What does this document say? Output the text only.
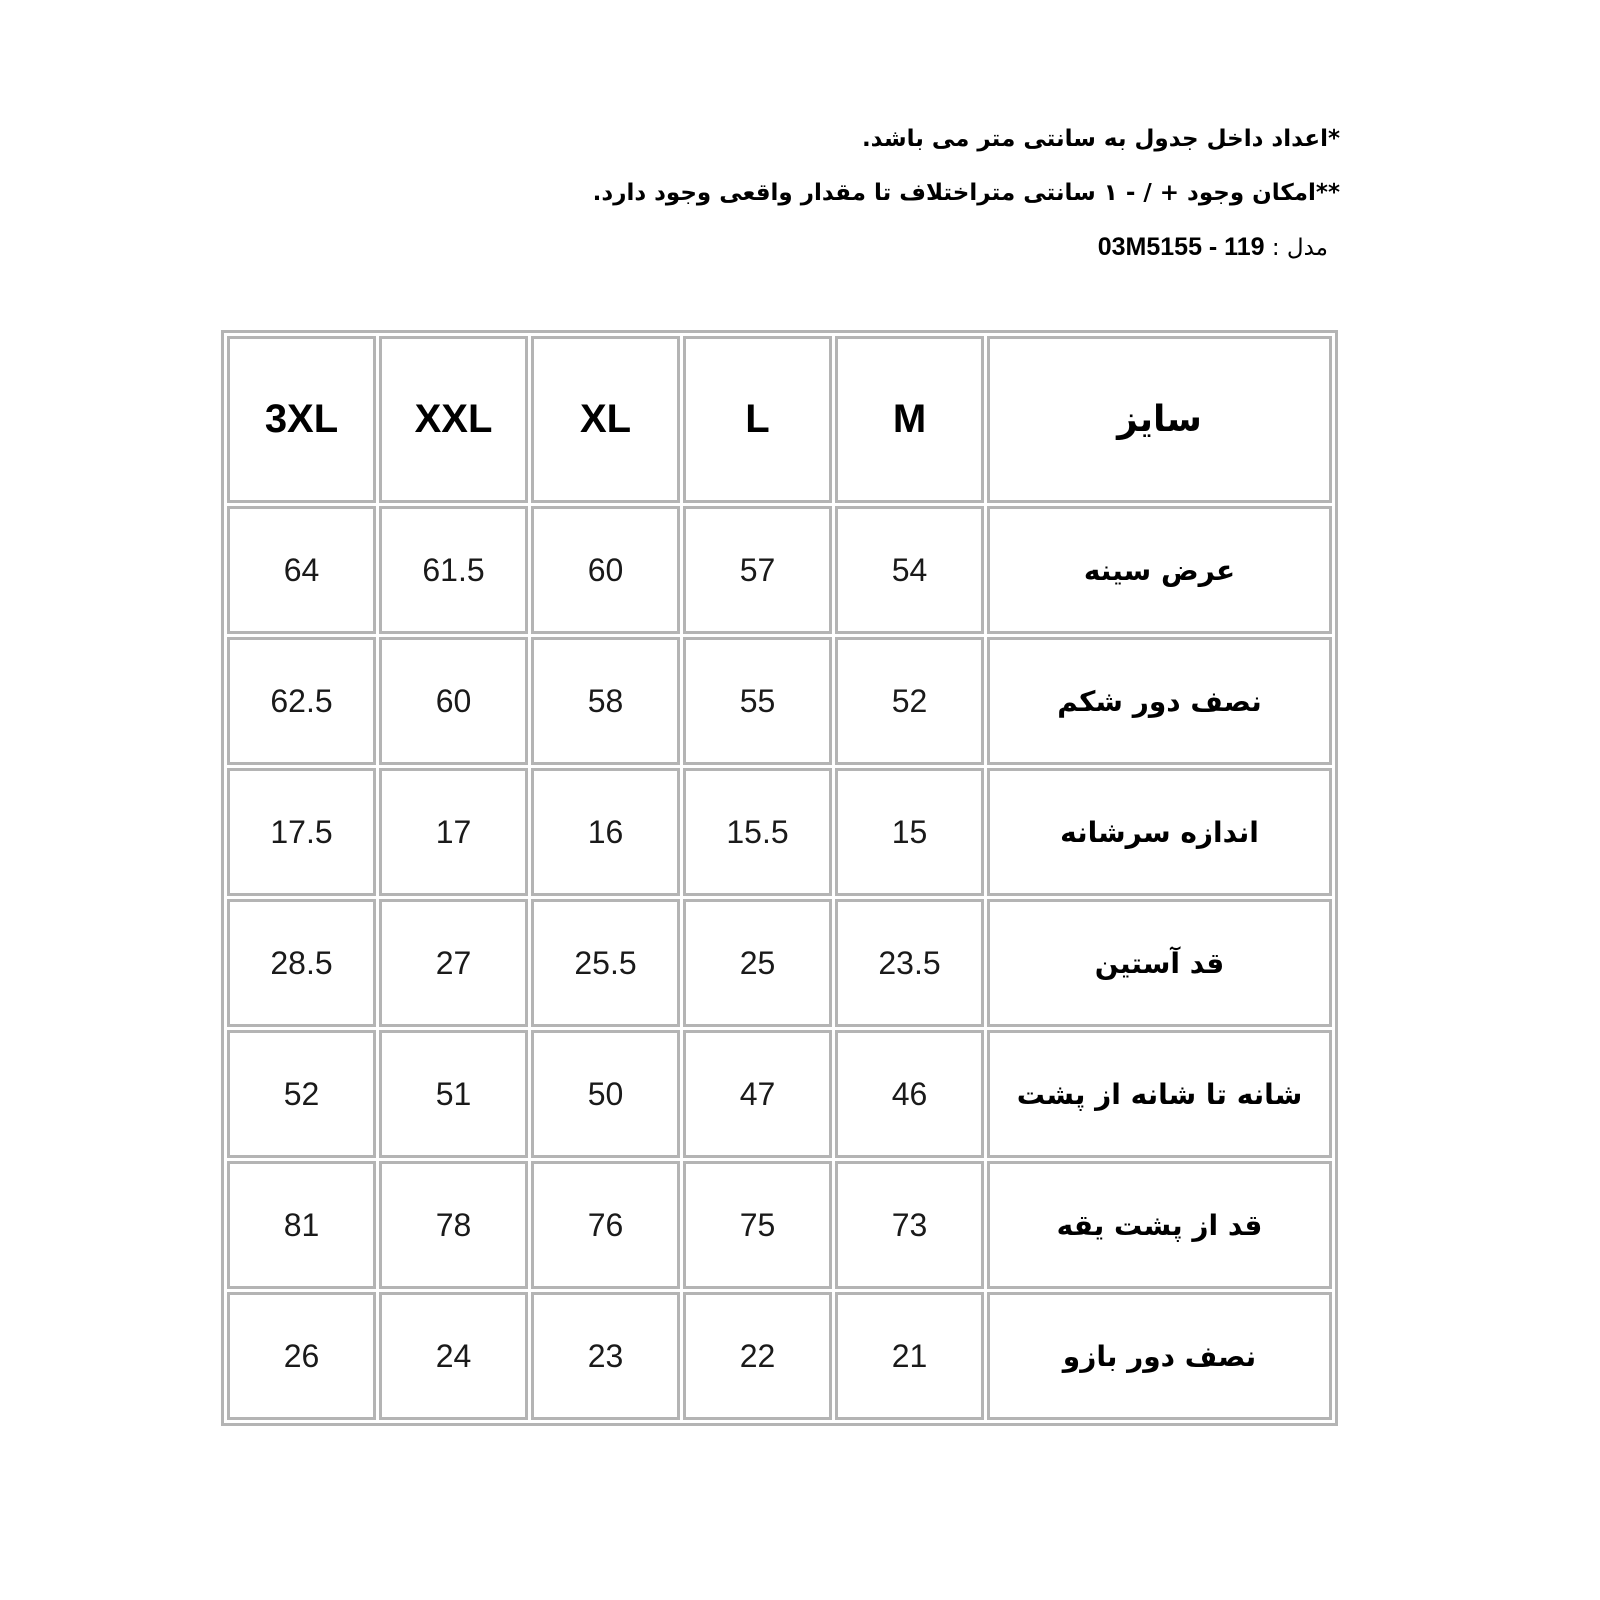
*اعداد داخل جدول به سانتی متر می باشد.
**امکان وجود + / - ۱ سانتی متراختلاف تا مقدار واقعی وجود دارد.
مدل : 03M5155 - 119
سایز	M	L	XL	XXL	3XL
عرض سینه	54	57	60	61.5	64
نصف دور شکم	52	55	58	60	62.5
اندازه سرشانه	15	15.5	16	17	17.5
قد آستین	23.5	25	25.5	27	28.5
شانه تا شانه از پشت	46	47	50	51	52
قد از پشت یقه	73	75	76	78	81
نصف دور بازو	21	22	23	24	26
